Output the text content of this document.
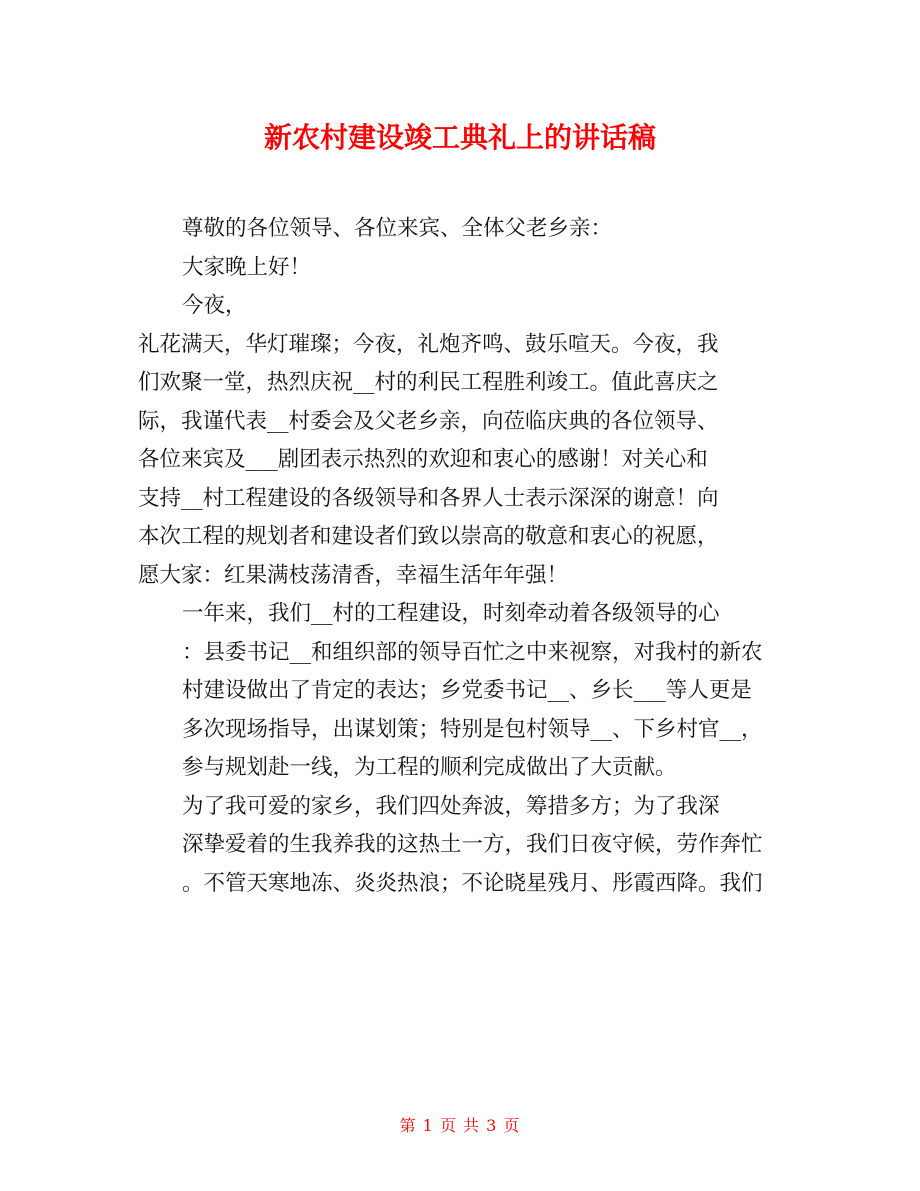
新农村建设竣工典礼上的讲话稿
尊敬的各位领导、各位来宾、全体父老乡亲：
大家晚上好！
今夜，
礼花满天，华灯璀璨；今夜，礼炮齐鸣、鼓乐喧天。今夜，我
们欢聚一堂，热烈庆祝__村的利民工程胜利竣工。值此喜庆之
际，我谨代表__村委会及父老乡亲，向莅临庆典的各位领导、
各位来宾及___剧团表示热烈的欢迎和衷心的感谢！对关心和
支持__村工程建设的各级领导和各界人士表示深深的谢意！向
本次工程的规划者和建设者们致以崇高的敬意和衷心的祝愿，
愿大家：红果满枝荡清香，幸福生活年年强！
一年来，我们__村的工程建设，时刻牵动着各级领导的心
：县委书记__和组织部的领导百忙之中来视察，对我村的新农
村建设做出了肯定的表达；乡党委书记__、乡长___等人更是
多次现场指导，出谋划策；特别是包村领导__、下乡村官__，
参与规划赴一线，为工程的顺利完成做出了大贡献。
为了我可爱的家乡，我们四处奔波，筹措多方；为了我深
深挚爱着的生我养我的这热土一方，我们日夜守候，劳作奔忙
。不管天寒地冻、炎炎热浪；不论晓星残月、彤霞西降。我们
第 1 页 共 3 页
